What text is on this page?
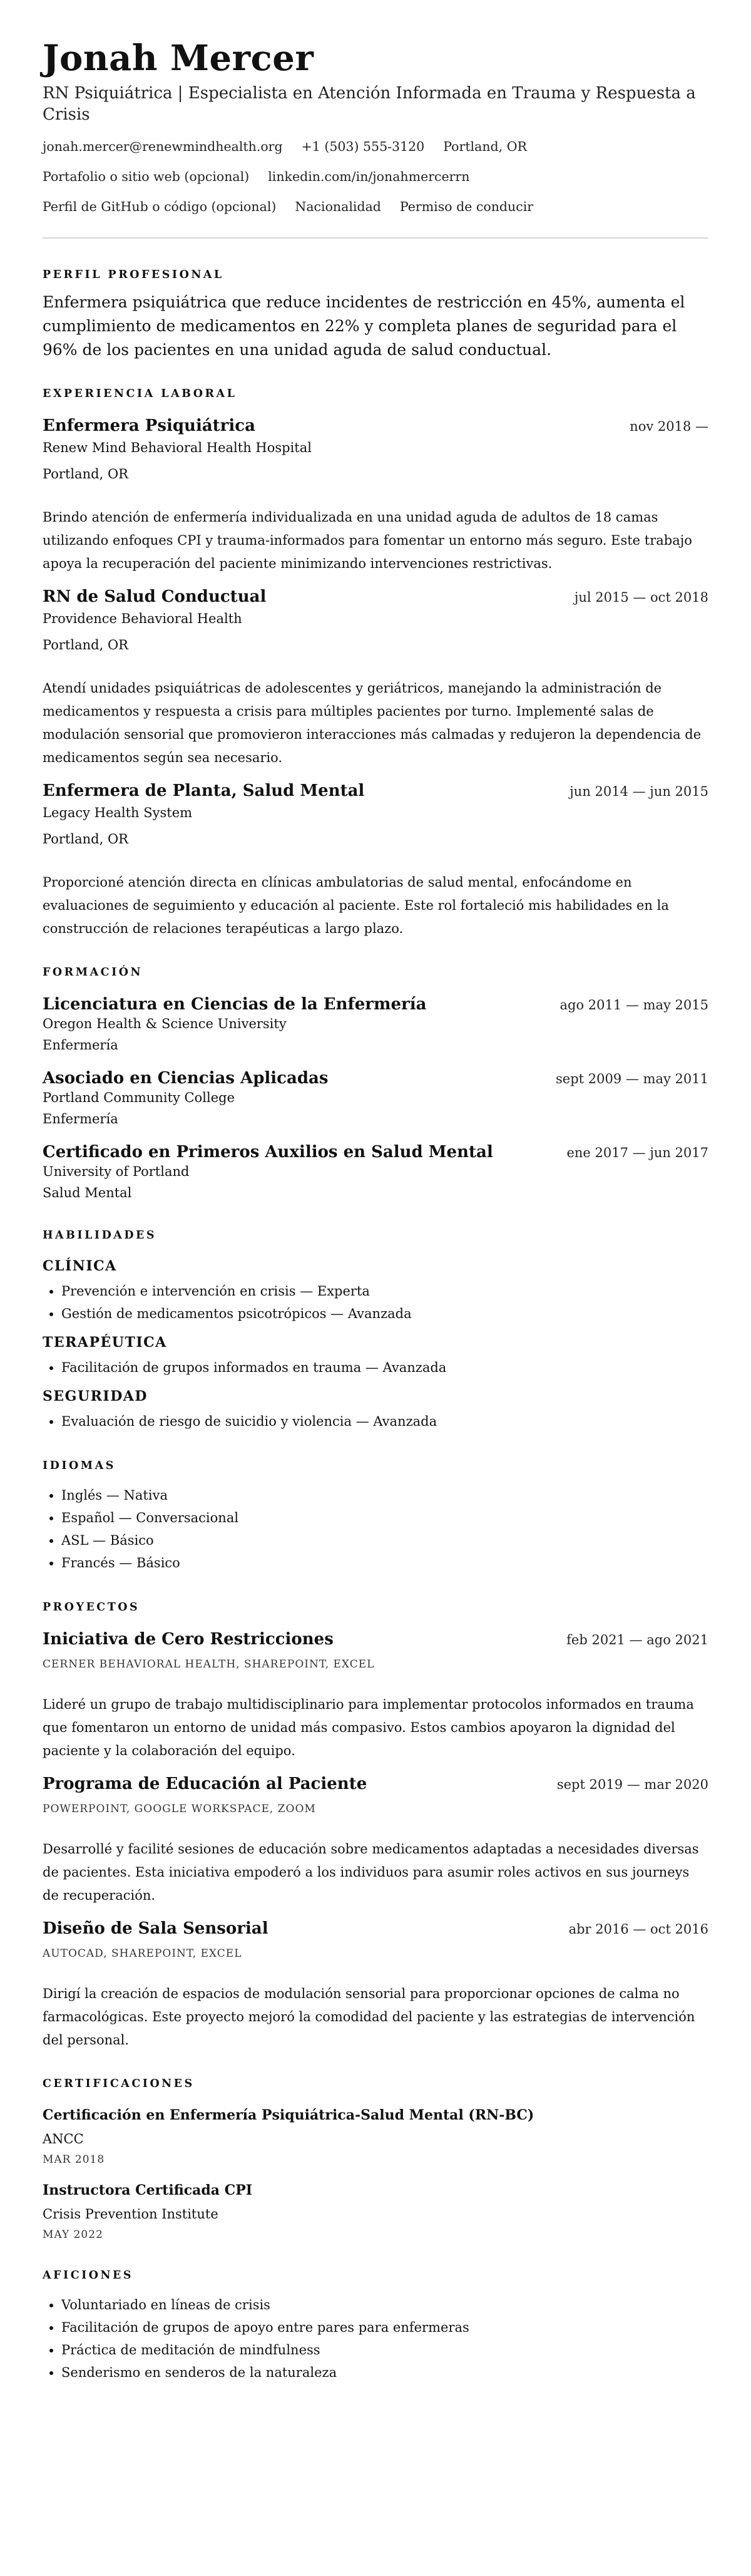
Jonah Mercer
RN Psiquiátrica | Especialista en Atención Informada en Trauma y Respuesta a Crisis
jonah.mercer@renewmindhealth.org +1 (503) 555-3120 Portland, OR
Portafolio o sitio web (opcional) linkedin.com/in/jonahmercerrn
Perfil de GitHub o código (opcional) Nacionalidad Permiso de conducir
PERFIL PROFESIONAL
Enfermera psiquiátrica que reduce incidentes de restricción en 45%, aumenta el cumplimiento de medicamentos en 22% y completa planes de seguridad para el 96% de los pacientes en una unidad aguda de salud conductual.
EXPERIENCIA LABORAL
Enfermera Psiquiátrica	nov 2018 —
Renew Mind Behavioral Health Hospital
Portland, OR
Brindo atención de enfermería individualizada en una unidad aguda de adultos de 18 camas utilizando enfoques CPI y trauma-informados para fomentar un entorno más seguro. Este trabajo apoya la recuperación del paciente minimizando intervenciones restrictivas.
RN de Salud Conductual	jul 2015 — oct 2018
Providence Behavioral Health
Portland, OR
Atendí unidades psiquiátricas de adolescentes y geriátricos, manejando la administración de medicamentos y respuesta a crisis para múltiples pacientes por turno. Implementé salas de modulación sensorial que promovieron interacciones más calmadas y redujeron la dependencia de medicamentos según sea necesario.
Enfermera de Planta, Salud Mental	jun 2014 — jun 2015
Legacy Health System
Portland, OR
Proporcioné atención directa en clínicas ambulatorias de salud mental, enfocándome en evaluaciones de seguimiento y educación al paciente. Este rol fortaleció mis habilidades en la construcción de relaciones terapéuticas a largo plazo.
FORMACIÓN
Licenciatura en Ciencias de la Enfermería	ago 2011 — may 2015
Oregon Health & Science University
Enfermería
Asociado en Ciencias Aplicadas	sept 2009 — may 2011
Portland Community College
Enfermería
Certificado en Primeros Auxilios en Salud Mental	ene 2017 — jun 2017
University of Portland
Salud Mental
HABILIDADES
CLÍNICA
• Prevención e intervención en crisis — Experta
• Gestión de medicamentos psicotrópicos — Avanzada
TERAPÉUTICA
• Facilitación de grupos informados en trauma — Avanzada
SEGURIDAD
• Evaluación de riesgo de suicidio y violencia — Avanzada
IDIOMAS
• Inglés — Nativa
• Español — Conversacional
• ASL — Básico
• Francés — Básico
PROYECTOS
Iniciativa de Cero Restricciones	feb 2021 — ago 2021
CERNER BEHAVIORAL HEALTH, SHAREPOINT, EXCEL
Lideré un grupo de trabajo multidisciplinario para implementar protocolos informados en trauma que fomentaron un entorno de unidad más compasivo. Estos cambios apoyaron la dignidad del paciente y la colaboración del equipo.
Programa de Educación al Paciente	sept 2019 — mar 2020
POWERPOINT, GOOGLE WORKSPACE, ZOOM
Desarrollé y facilité sesiones de educación sobre medicamentos adaptadas a necesidades diversas de pacientes. Esta iniciativa empoderó a los individuos para asumir roles activos en sus journeys de recuperación.
Diseño de Sala Sensorial	abr 2016 — oct 2016
AUTOCAD, SHAREPOINT, EXCEL
Dirigí la creación de espacios de modulación sensorial para proporcionar opciones de calma no farmacológicas. Este proyecto mejoró la comodidad del paciente y las estrategias de intervención del personal.
CERTIFICACIONES
Certificación en Enfermería Psiquiátrica-Salud Mental (RN-BC)
ANCC
MAR 2018
Instructora Certificada CPI
Crisis Prevention Institute
MAY 2022
AFICIONES
• Voluntariado en líneas de crisis
• Facilitación de grupos de apoyo entre pares para enfermeras
• Práctica de meditación de mindfulness
• Senderismo en senderos de la naturaleza
